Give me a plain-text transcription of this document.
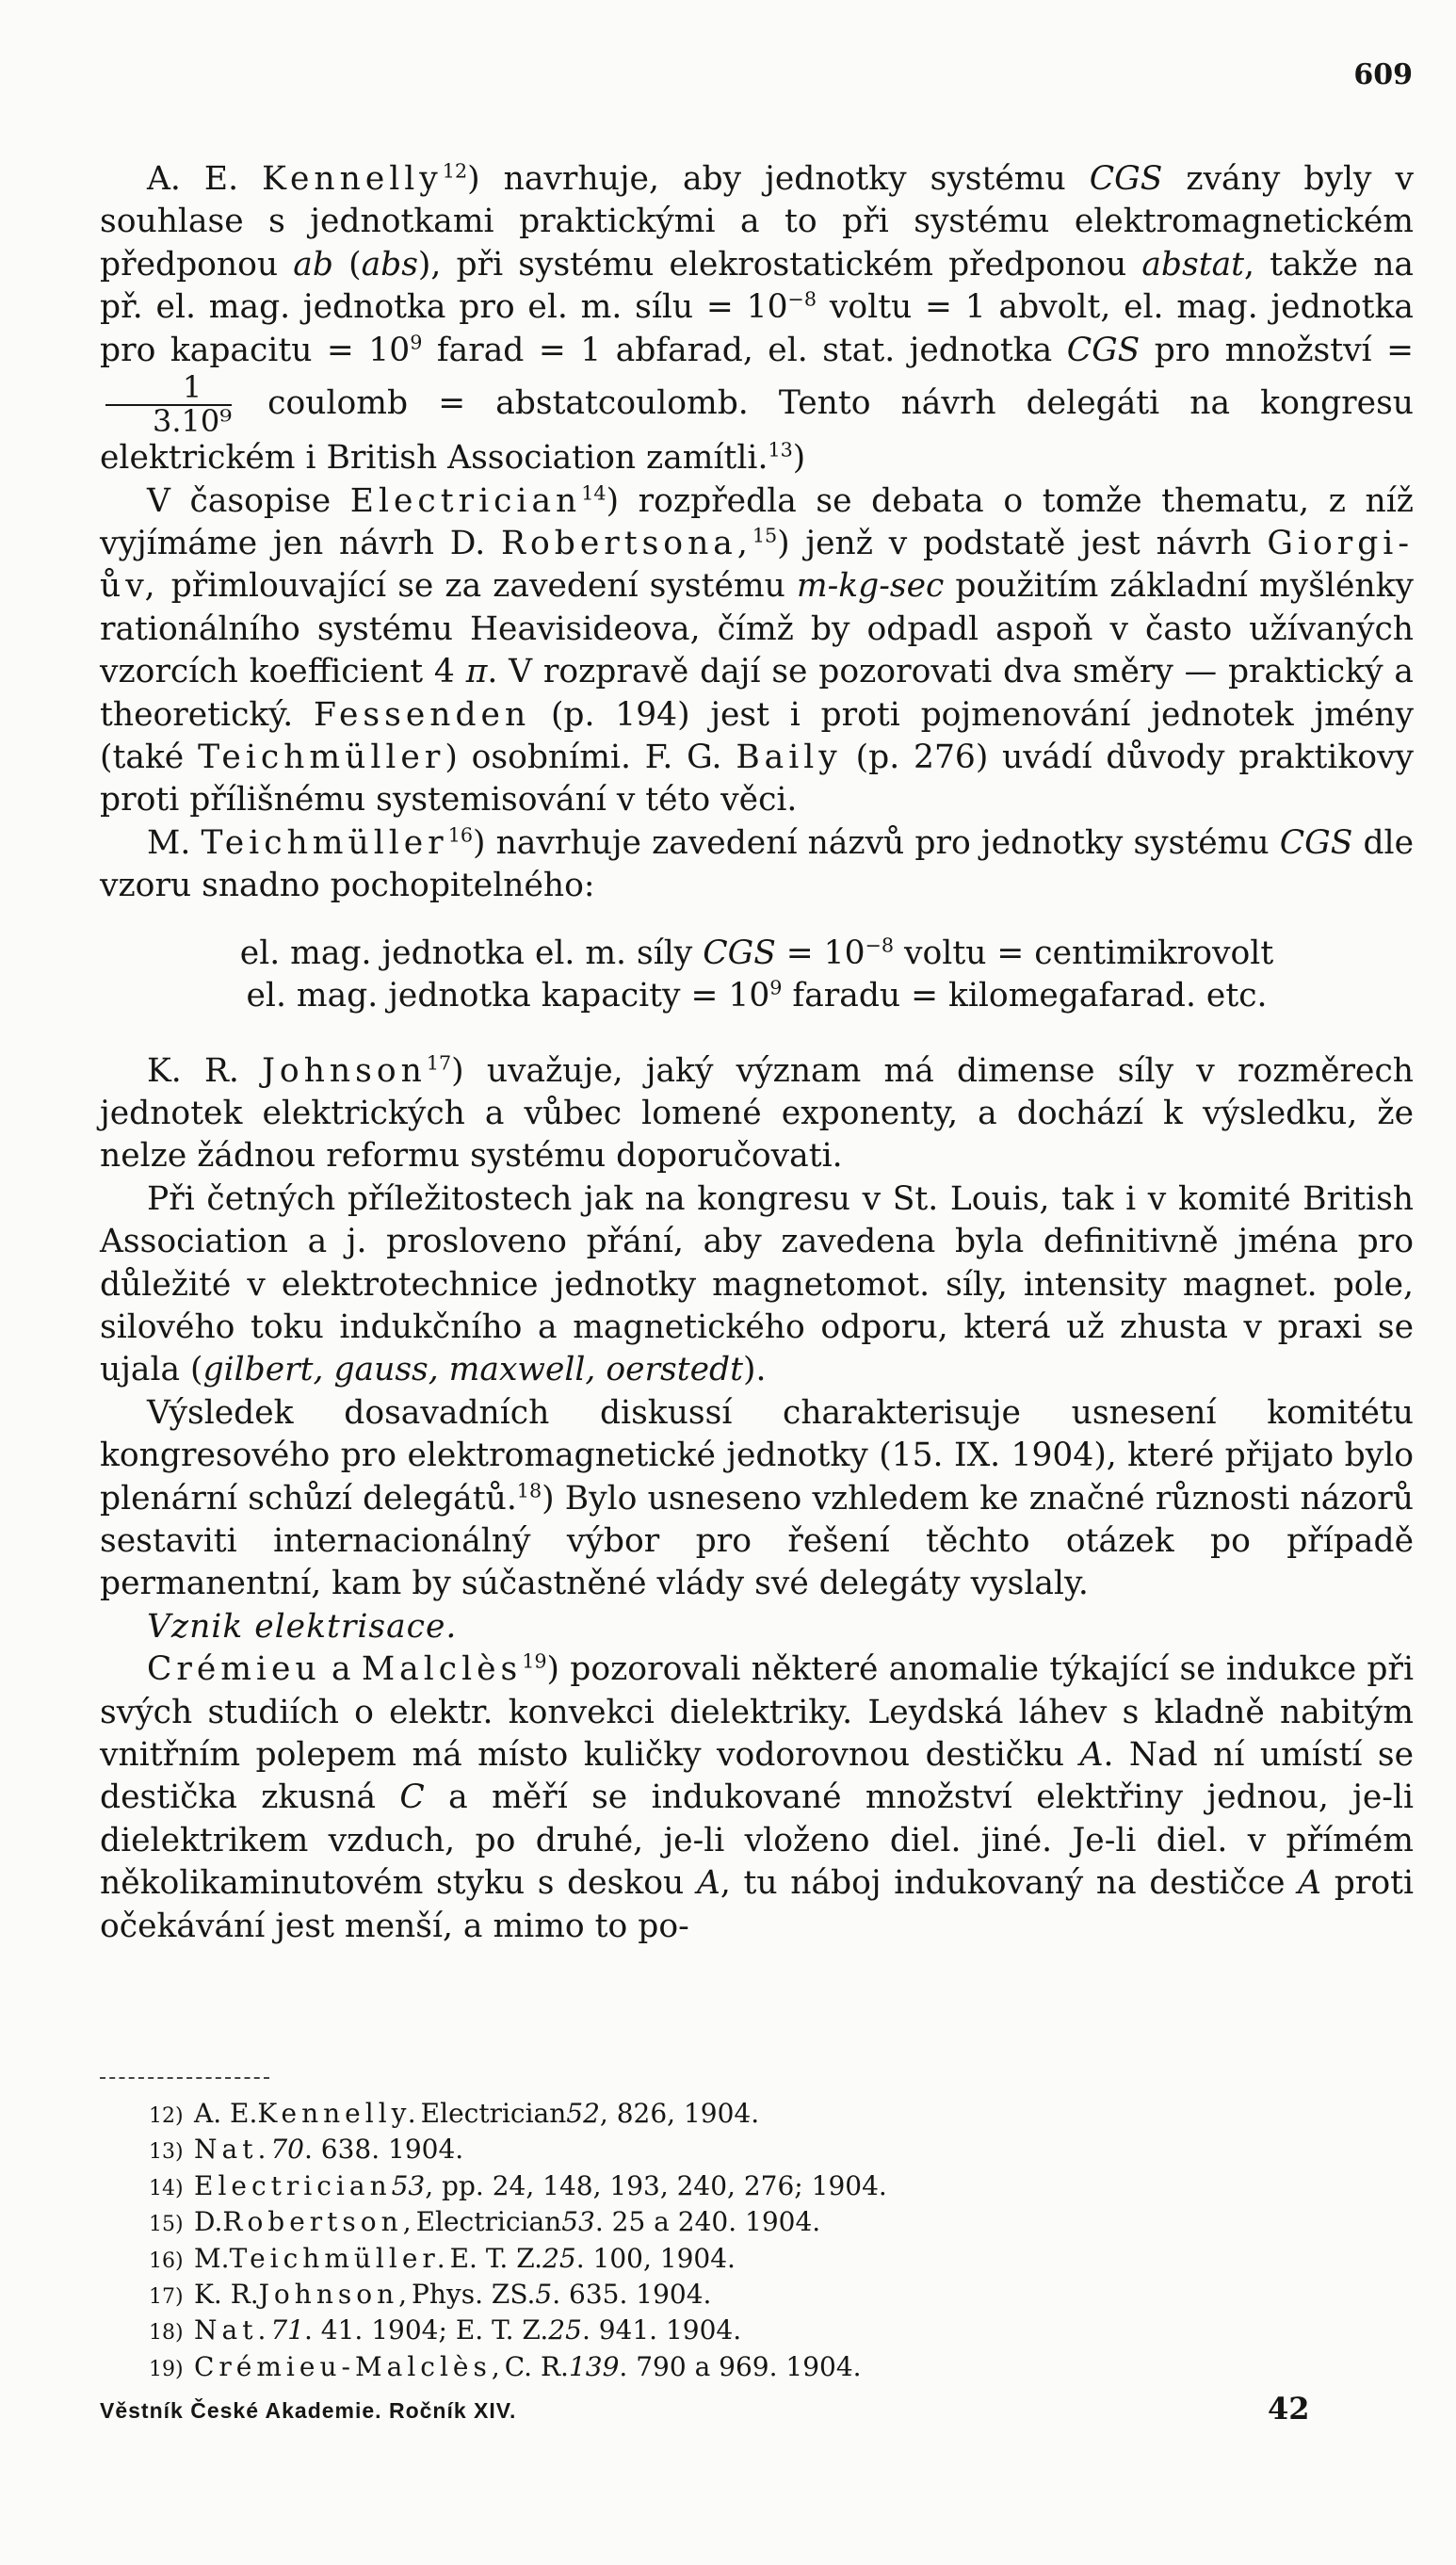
609

A. E. Kennelly$^{12}$) navrhuje, aby jednotky systému CGS zvány byly v souhlase s jednotkami praktickými a to při systému elektromagnetickém předponou ab (abs), při systému elekrostatickém předponou abstat, takže na př. el. mag. jednotka pro el. m. sílu = $10^{-8}$ voltu = 1 abvolt, el. mag. jednotka pro kapacitu = $10^9$ farad = 1 abfarad, el. stat. jednotka CGS pro množství =
$\frac{1}{\text{3.10⁹}}$ coulomb = abstatcoulomb. Tento návrh delegáti na kongresu elektrickém i British Association zamítli.$^{13}$)

V časopise Electrician$^{14}$) rozpředla se debata o tomže thematu, z níž vyjímáme jen návrh D. Robertsona,$^{15}$) jenž v podstatě jest návrh Giorgi-ův, přimlouvající se za zavedení systému m-kg-sec použitím základní myšlénky rationálního systému Heavisideova, čímž by odpadl aspoň v často užívaných vzorcích koefficient 4 π. V rozpravě dají se pozorovati dva směry — praktický a theoretický. Fessenden (p. 194) jest i proti pojmenování jednotek jmény (také Teichmüller) osobními. F. G. Baily (p. 276) uvádí důvody praktikovy proti přílišnému systemisování v této věci.

M. Teichmüller$^{16}$) navrhuje zavedení názvů pro jednotky systému CGS dle vzoru snadno pochopitelného:

el. mag. jednotka el. m. síly CGS = $10^{-8}$ voltu = centimikrovolt
el. mag. jednotka kapacity = $10^9$ faradu = kilomegafarad. etc.

K. R. Johnson$^{17}$) uvažuje, jaký význam má dimense síly v rozměrech jednotek elektrických a vůbec lomené exponenty, a dochází k výsledku, že nelze žádnou reformu systému doporučovati.

Při četných příležitostech jak na kongresu v St. Louis, tak i v komité British Association a j. prosloveno přání, aby zavedena byla definitivně jména pro důležité v elektrotechnice jednotky magnetomot. síly, intensity magnet. pole, silového toku indukčního a magnetického odporu, která už zhusta v praxi se ujala (gilbert, gauss, maxwell, oerstedt).

Výsledek dosavadních diskussí charakterisuje usnesení komitétu kongresového pro elektromagnetické jednotky (15. IX. 1904), které přijato bylo plenární schůzí delegátů.$^{18}$) Bylo usneseno vzhledem ke značné různosti názorů sestaviti internacionálný výbor pro řešení těchto otázek po případě permanentní, kam by súčastněné vlády své delegáty vyslaly.

Vznik elektrisace.

Crémieu a Malclès$^{19}$) pozorovali některé anomalie týkající se indukce při svých studiích o elektr. konvekci dielektriky. Leydská láhev s kladně nabitým vnitřním polepem má místo kuličky vodorovnou destičku A. Nad ní umístí se destička zkusná C a měří se indukované množství elektřiny jednou, je-li dielektrikem vzduch, po druhé, je-li vloženo diel. jiné. Je-li diel. v přímém několikaminutovém styku s deskou A, tu náboj indukovaný na destičce A proti očekávání jest menší, a mimo to po-

12) A. E.Kennelly.Electrician52, 826, 1904.
13) Nat.70. 638. 1904.
14) Electrician53, pp. 24, 148, 193, 240, 276; 1904.
15) D.Robertson,Electrician53. 25 a 240. 1904.
16) M.Teichmüller.E. T. Z.25. 100, 1904.
17) K. R.Johnson,Phys. ZS.5. 635. 1904.
18) Nat.71. 41. 1904; E. T. Z.25. 941. 1904.
19) Crémieu-Malclès,C. R.139. 790 a 969. 1904.
Věstník České Akademie. Ročník XIV.	42
